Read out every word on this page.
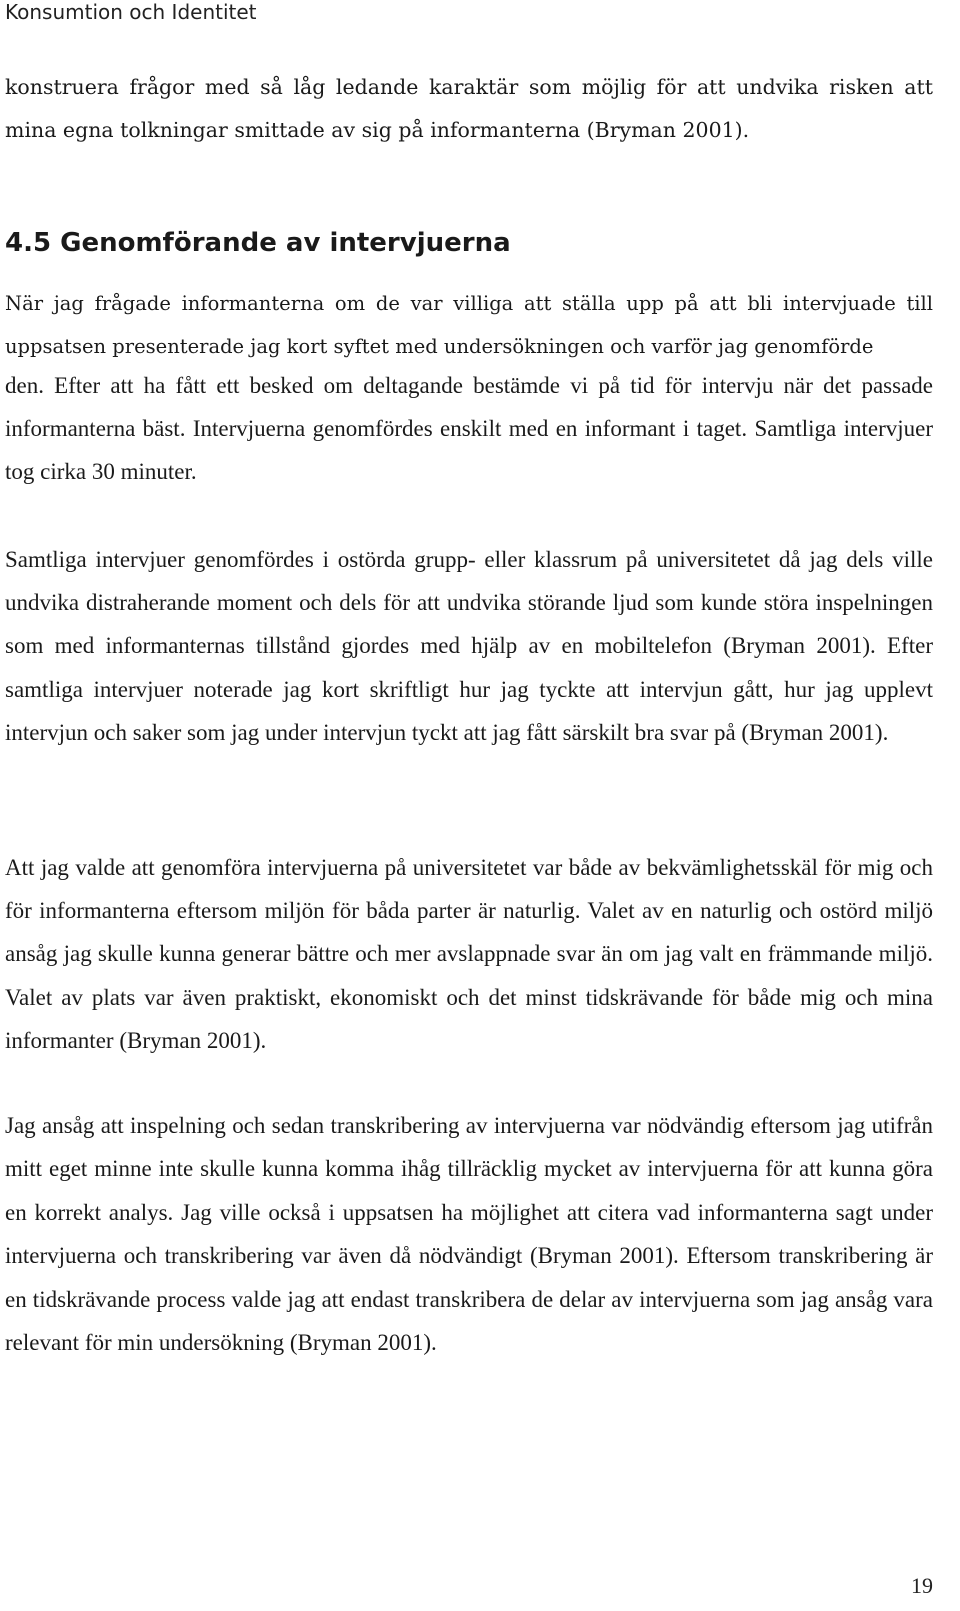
Konsumtion och Identitet

konstruera frågor med så låg ledande karaktär som möjlig för att undvika risken att mina egna tolkningar smittade av sig på informanterna (Bryman 2001).

4.5 Genomförande av intervjuerna

När jag frågade informanterna om de var villiga att ställa upp på att bli intervjuade till uppsatsen presenterade jag kort syftet med undersökningen och varför jag genomförde

den. Efter att ha fått ett besked om deltagande bestämde vi på tid för intervju när det passade informanterna bäst. Intervjuerna genomfördes enskilt med en informant i taget. Samtliga intervjuer tog cirka 30 minuter.

Samtliga intervjuer genomfördes i ostörda grupp- eller klassrum på universitetet då jag dels ville undvika distraherande moment och dels för att undvika störande ljud som kunde störa inspelningen som med informanternas tillstånd gjordes med hjälp av en mobiltelefon (Bryman 2001). Efter samtliga intervjuer noterade jag kort skriftligt hur jag tyckte att intervjun gått, hur jag upplevt intervjun och saker som jag under intervjun tyckt att jag fått särskilt bra svar på (Bryman 2001).

Att jag valde att genomföra intervjuerna på universitetet var både av bekvämlighetsskäl för mig och för informanterna eftersom miljön för båda parter är naturlig. Valet av en naturlig och ostörd miljö ansåg jag skulle kunna generar bättre och mer avslappnade svar än om jag valt en främmande miljö. Valet av plats var även praktiskt, ekonomiskt och det minst tidskrävande för både mig och mina informanter (Bryman 2001).

Jag ansåg att inspelning och sedan transkribering av intervjuerna var nödvändig eftersom jag utifrån mitt eget minne inte skulle kunna komma ihåg tillräcklig mycket av intervjuerna för att kunna göra en korrekt analys. Jag ville också i uppsatsen ha möjlighet att citera vad informanterna sagt under intervjuerna och transkribering var även då nödvändigt (Bryman 2001). Eftersom transkribering är en tidskrävande process valde jag att endast transkribera de delar av intervjuerna som jag ansåg vara relevant för min undersökning (Bryman 2001).

19
